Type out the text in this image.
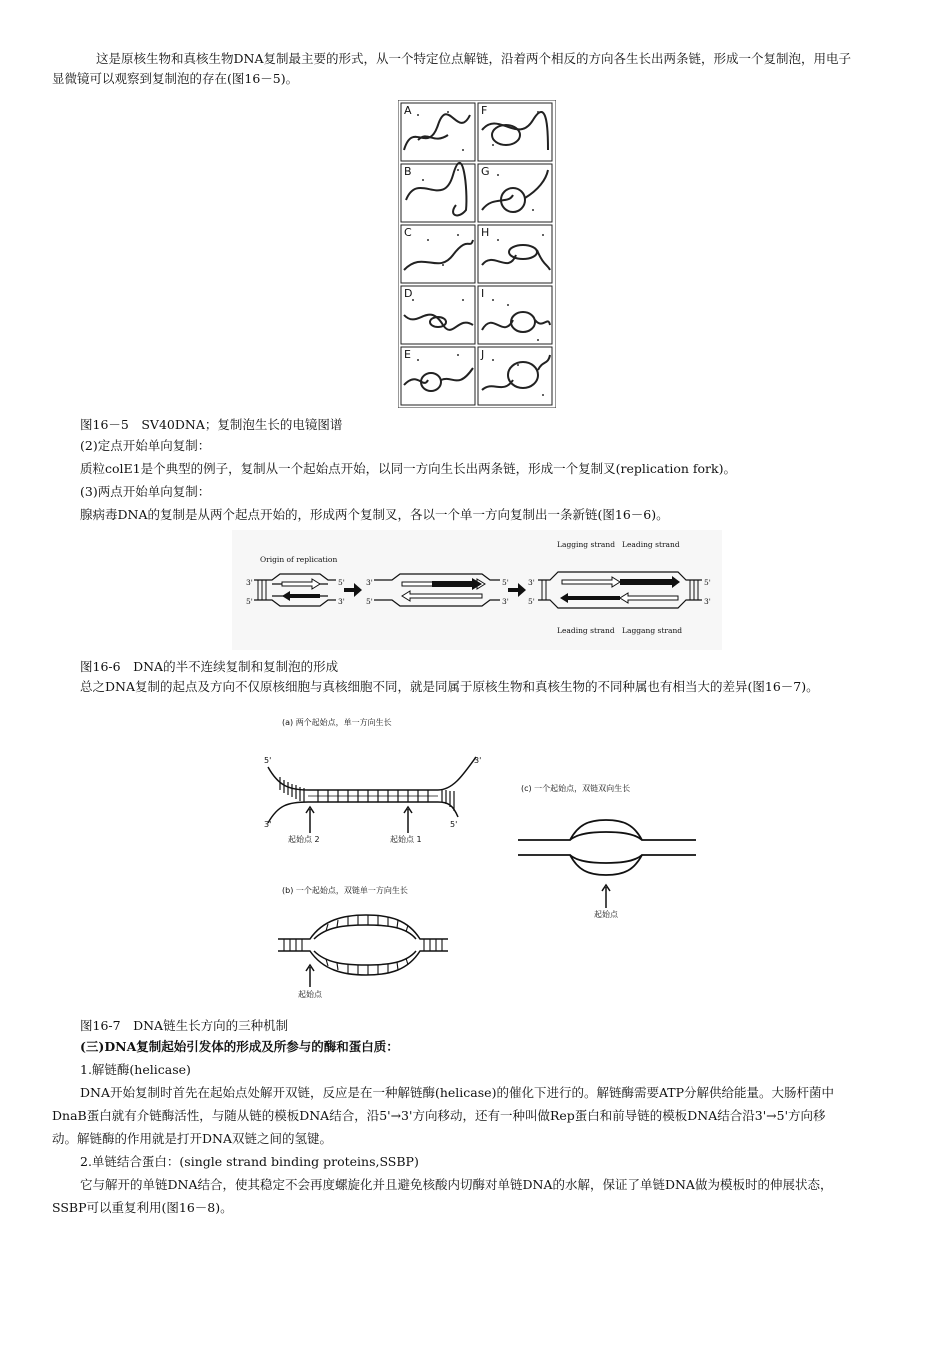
这是原核生物和真核生物DNA复制最主要的形式，从一个特定位点解链，沿着两个相反的方向各生长出两条链，形成一个复制泡，用电子
显微镜可以观察到复制泡的存在(图16－5)。
A
B
C
D
E
F
G
H
I
J
图16－5　SV40DNA；复制泡生长的电镜图谱
(2)定点开始单向复制：
质粒colE1是个典型的例子，复制从一个起始点开始，以同一方向生长出两条链，形成一个复制叉(replication fork)。
(3)两点开始单向复制：
腺病毒DNA的复制是从两个起点开始的，形成两个复制叉，各以一个单一方向复制出一条新链(图16－6)。
Origin of replication
Lagging strand Leading strand
Leading strand Laggang strand
3'
5'
5'
3'
3'
5'
5'
3'
3'
5'
5'
3'
图16-6　DNA的半不连续复制和复制泡的形成
总之DNA复制的起点及方向不仅原核细胞与真核细胞不同，就是同属于原核生物和真核生物的不同种属也有相当大的差异(图16－7)。
(a) 两个起始点，单一方向生长
(c) 一个起始点，双链双向生长
(b) 一个起始点，双链单一方向生长
起始点 2	起始点 1
起始点
起始点
5'	3'
3'	5'
图16-7　DNA链生长方向的三种机制
(三)DNA复制起始引发体的形成及所参与的酶和蛋白质：
1.解链酶(helicase)
DNA开始复制时首先在起始点处解开双链，反应是在一种解链酶(helicase)的催化下进行的。解链酶需要ATP分解供给能量。大肠杆菌中
DnaB蛋白就有介链酶活性，与随从链的模板DNA结合，沿5'→3'方向移动，还有一种叫做Rep蛋白和前导链的模板DNA结合沿3'→5'方向移
动。解链酶的作用就是打开DNA双链之间的氢键。
2.单链结合蛋白：(single strand binding proteins,SSBP)
它与解开的单链DNA结合，使其稳定不会再度螺旋化并且避免核酸内切酶对单链DNA的水解，保证了单链DNA做为模板时的伸展状态，
SSBP可以重复利用(图16－8)。
